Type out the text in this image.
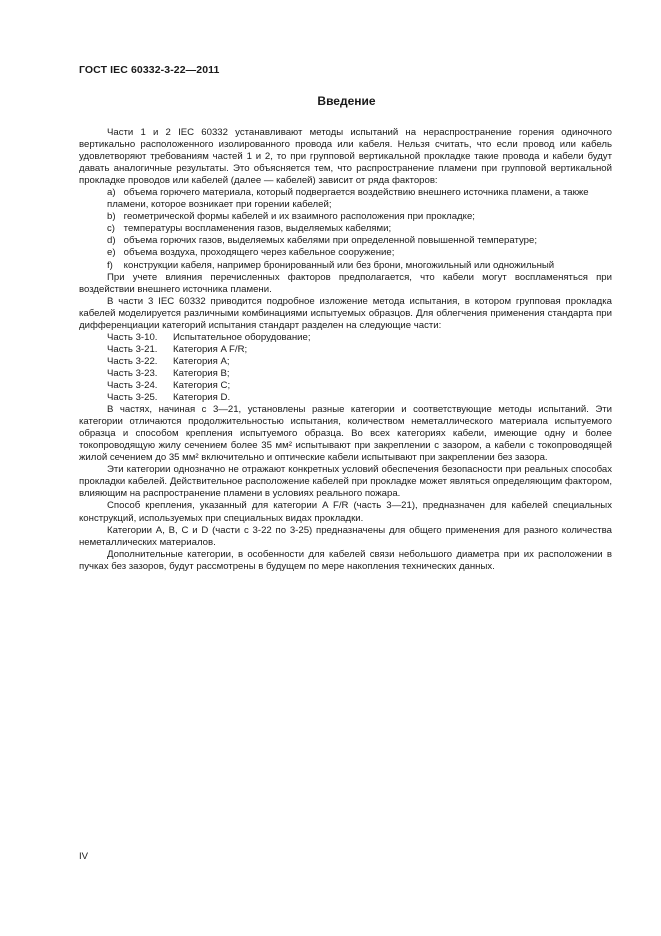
ГОСТ IEC 60332-3-22—2011
Введение

Части 1 и 2 IEC 60332 устанавливают методы испытаний на нераспространение горения одиночного вертикально расположенного изолированного провода или кабеля. Нельзя считать, что если провод или кабель удовлетворяют требованиям частей 1 и 2, то при групповой вертикальной прокладке такие провода и кабели будут давать аналогичные результаты. Это объясняется тем, что распространение пламени при групповой вертикальной прокладке проводов или кабелей (далее — кабелей) зависит от ряда факторов:

a) объема горючего материала, который подвергается воздействию внешнего источника пламени, а также пламени, которое возникает при горении кабелей;
b) геометрической формы кабелей и их взаимного расположения при прокладке;
c) температуры воспламенения газов, выделяемых кабелями;
d) объема горючих газов, выделяемых кабелями при определенной повышенной температуре;
e) объема воздуха, проходящего через кабельное сооружение;
f) конструкции кабеля, например бронированный или без брони, многожильный или одножильный

При учете влияния перечисленных факторов предполагается, что кабели могут воспламеняться при воздействии внешнего источника пламени.

В части 3 IEC 60332 приводится подробное изложение метода испытания, в котором групповая прокладка кабелей моделируется различными комбинациями испытуемых образцов. Для облегчения применения стандарта при дифференциации категорий испытания стандарт разделен на следующие части:

Часть 3-10. Испытательное оборудование;
Часть 3-21. Категория A F/R;
Часть 3-22. Категория А;
Часть 3-23. Категория В;
Часть 3-24. Категория С;
Часть 3-25. Категория D.

В частях, начиная с 3—21, установлены разные категории и соответствующие методы испытаний. Эти категории отличаются продолжительностью испытания, количеством неметаллического материала испытуемого образца и способом крепления испытуемого образца. Во всех категориях кабели, имеющие одну и более токопроводящую жилу сечением более 35 мм² испытывают при закреплении с зазором, а кабели с токопроводящей жилой сечением до 35 мм² включительно и оптические кабели испытывают при закреплении без зазора.

Эти категории однозначно не отражают конкретных условий обеспечения безопасности при реальных способах прокладки кабелей. Действительное расположение кабелей при прокладке может являться определяющим фактором, влияющим на распространение пламени в условиях реального пожара.

Способ крепления, указанный для категории A F/R (часть 3—21), предназначен для кабелей специальных конструкций, используемых при специальных видах прокладки.

Категории А, В, С и D (части с 3-22 по 3-25) предназначены для общего применения для разного количества неметаллических материалов.

Дополнительные категории, в особенности для кабелей связи небольшого диаметра при их расположении в пучках без зазоров, будут рассмотрены в будущем по мере накопления технических данных.

IV
